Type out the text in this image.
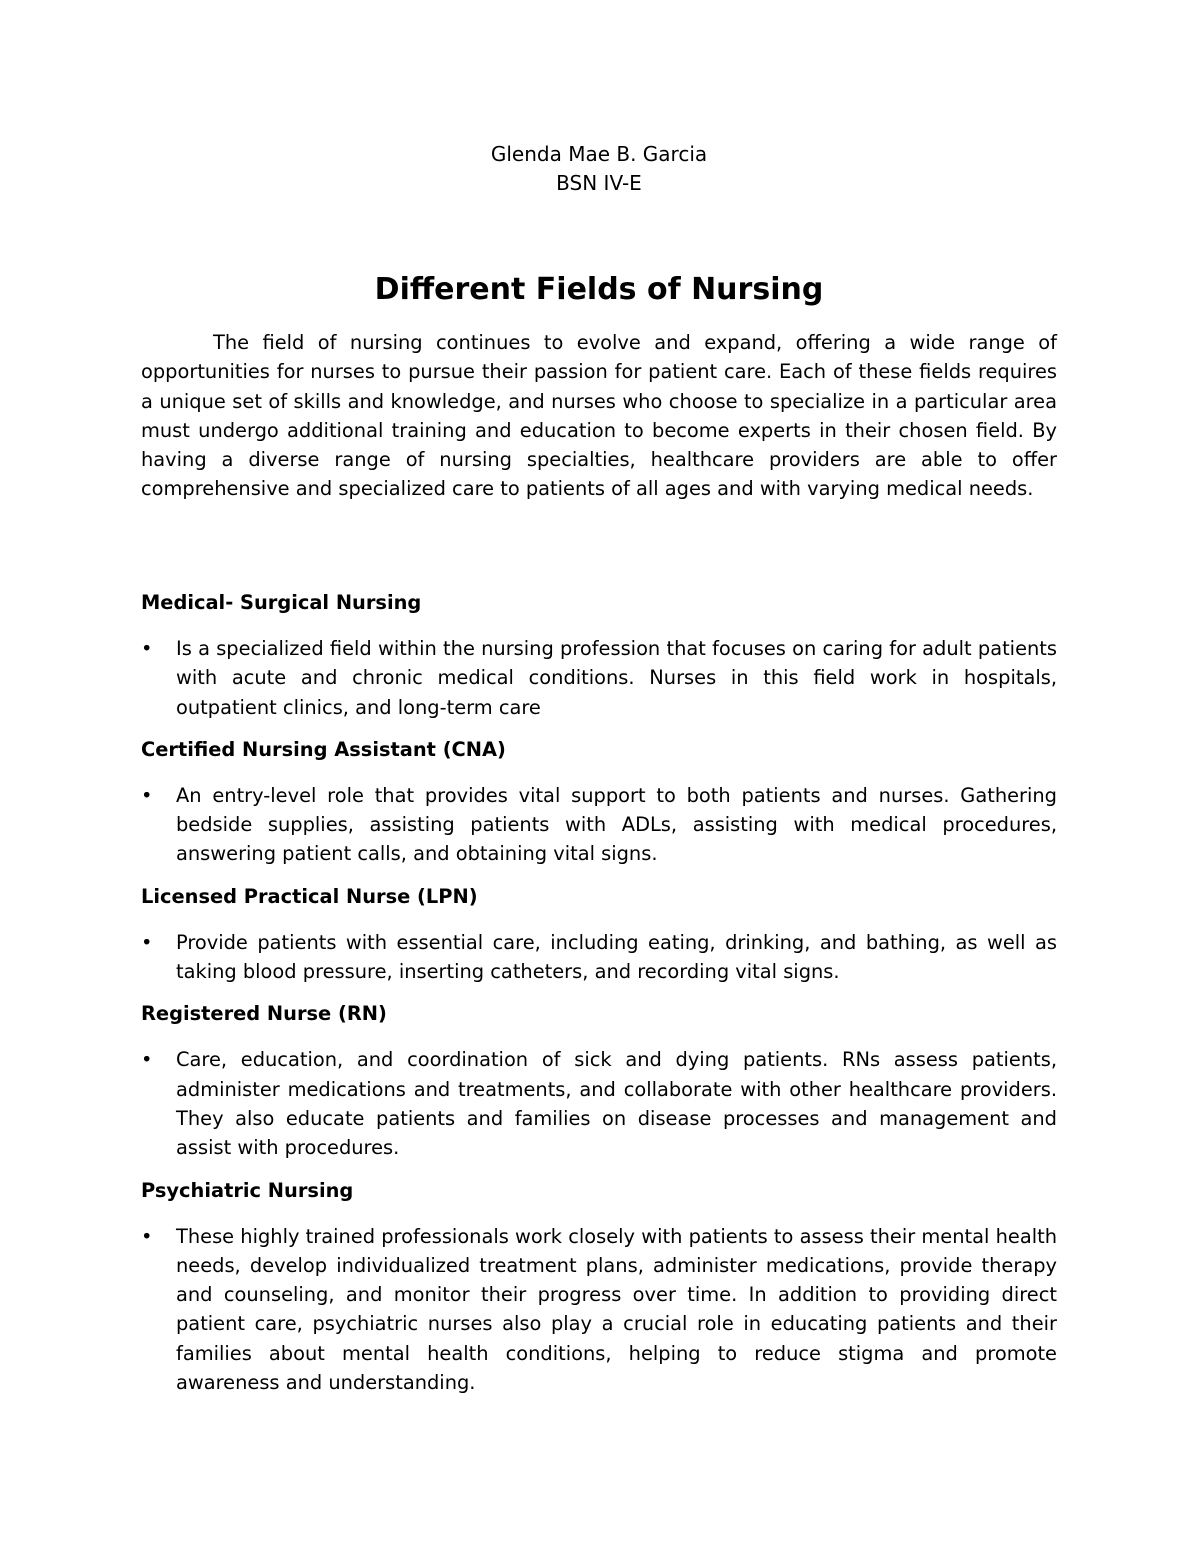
Glenda Mae B. Garcia
BSN IV-E
Different Fields of Nursing

The field of nursing continues to evolve and expand, offering a wide range of opportunities for nurses to pursue their passion for patient care. Each of these fields requires a unique set of skills and knowledge, and nurses who choose to specialize in a particular area must undergo additional training and education to become experts in their chosen field. By having a diverse range of nursing specialties, healthcare providers are able to offer comprehensive and specialized care to patients of all ages and with varying medical needs.

Medical- Surgical Nursing
• Is a specialized field within the nursing profession that focuses on caring for adult patients with acute and chronic medical conditions. Nurses in this field work in hospitals, outpatient clinics, and long-term care

Certified Nursing Assistant (CNA)
• An entry-level role that provides vital support to both patients and nurses. Gathering bedside supplies, assisting patients with ADLs, assisting with medical procedures, answering patient calls, and obtaining vital signs.

Licensed Practical Nurse (LPN)
• Provide patients with essential care, including eating, drinking, and bathing, as well as taking blood pressure, inserting catheters, and recording vital signs.

Registered Nurse (RN)
• Care, education, and coordination of sick and dying patients. RNs assess patients, administer medications and treatments, and collaborate with other healthcare providers. They also educate patients and families on disease processes and management and assist with procedures.

Psychiatric Nursing
• These highly trained professionals work closely with patients to assess their mental health needs, develop individualized treatment plans, administer medications, provide therapy and counseling, and monitor their progress over time. In addition to providing direct patient care, psychiatric nurses also play a crucial role in educating patients and their families about mental health conditions, helping to reduce stigma and promote awareness and understanding.
